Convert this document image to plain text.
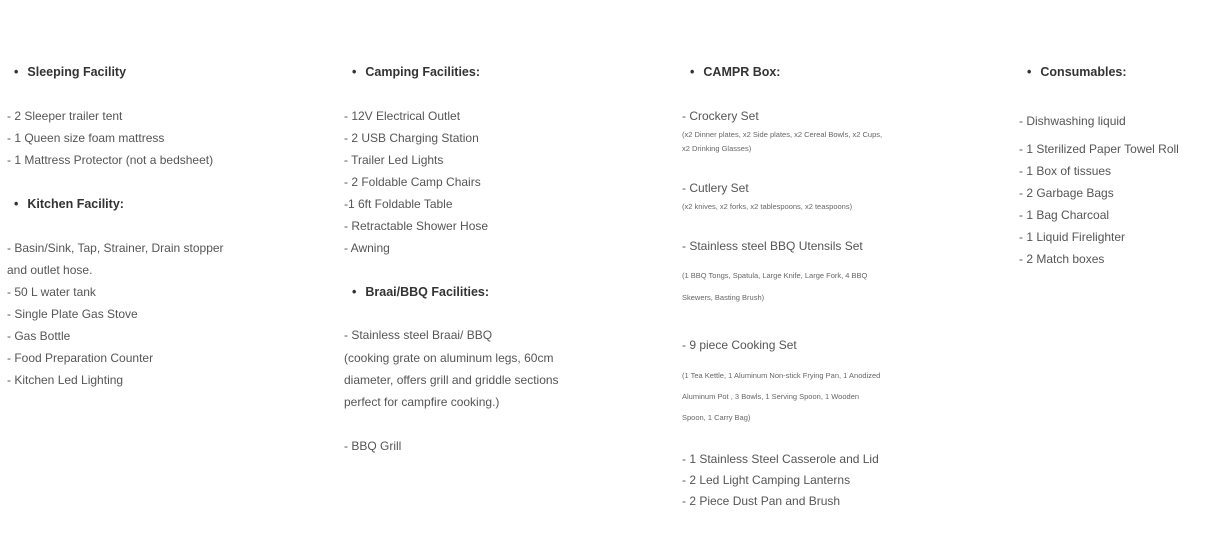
• Sleeping Facility
- 2 Sleeper trailer tent
- 1 Queen size foam mattress
- 1 Mattress Protector (not a bedsheet)
• Kitchen Facility:
- Basin/Sink, Tap, Strainer, Drain stopper
and outlet hose.
- 50 L water tank
- Single Plate Gas Stove
- Gas Bottle
- Food Preparation Counter
- Kitchen Led Lighting
• Camping Facilities:
- 12V Electrical Outlet
- 2 USB Charging Station
- Trailer Led Lights
- 2 Foldable Camp Chairs
-1 6ft Foldable Table
- Retractable Shower Hose
- Awning
• Braai/BBQ Facilities:
- Stainless steel Braai/ BBQ
(cooking grate on aluminum legs, 60cm
diameter, offers grill and griddle sections
perfect for campfire cooking.)
- BBQ Grill
• CAMPR Box:
- Crockery Set
(x2 Dinner plates, x2 Side plates, x2 Cereal Bowls, x2 Cups,
x2 Drinking Glasses)
- Cutlery Set
(x2 knives, x2 forks, x2 tablespoons, x2 teaspoons)
- Stainless steel BBQ Utensils Set
(1 BBQ Tongs, Spatula, Large Knife, Large Fork, 4 BBQ
Skewers, Basting Brush)
- 9 piece Cooking Set
(1 Tea Kettle, 1 Aluminum Non-stick Frying Pan, 1 Anodized
Aluminum Pot , 3 Bowls, 1 Serving Spoon, 1 Wooden
Spoon, 1 Carry Bag)
- 1 Stainless Steel Casserole and Lid
- 2 Led Light Camping Lanterns
- 2 Piece Dust Pan and Brush
• Consumables:
- Dishwashing liquid
- 1 Sterilized Paper Towel Roll
- 1 Box of tissues
- 2 Garbage Bags
- 1 Bag Charcoal
- 1 Liquid Firelighter
- 2 Match boxes
